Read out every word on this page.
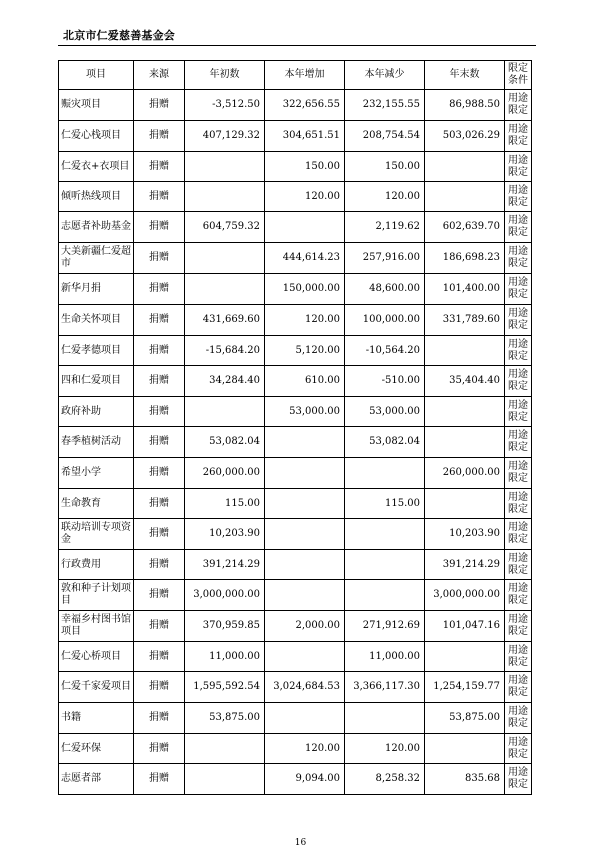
北京市仁爱慈善基金会
项目	来源	年初数	本年增加	本年减少	年末数	限定条件
赈灾项目	捐赠	-3,512.50	322,656.55	232,155.55	86,988.50	用途限定
仁爱心栈项目	捐赠	407,129.32	304,651.51	208,754.54	503,026.29	用途限定
仁爱衣+衣项目	捐赠		150.00	150.00		用途限定
倾听热线项目	捐赠		120.00	120.00		用途限定
志愿者补助基金	捐赠	604,759.32		2,119.62	602,639.70	用途限定
大美新疆仁爱超市	捐赠		444,614.23	257,916.00	186,698.23	用途限定
新华月捐	捐赠		150,000.00	48,600.00	101,400.00	用途限定
生命关怀项目	捐赠	431,669.60	120.00	100,000.00	331,789.60	用途限定
仁爱孝德项目	捐赠	-15,684.20	5,120.00	-10,564.20		用途限定
四和仁爱项目	捐赠	34,284.40	610.00	-510.00	35,404.40	用途限定
政府补助	捐赠		53,000.00	53,000.00		用途限定
春季植树活动	捐赠	53,082.04		53,082.04		用途限定
希望小学	捐赠	260,000.00			260,000.00	用途限定
生命教育	捐赠	115.00		115.00		用途限定
联动培训专项资金	捐赠	10,203.90			10,203.90	用途限定
行政费用	捐赠	391,214.29			391,214.29	用途限定
敦和种子计划项目	捐赠	3,000,000.00			3,000,000.00	用途限定
幸福乡村图书馆项目	捐赠	370,959.85	2,000.00	271,912.69	101,047.16	用途限定
仁爱心桥项目	捐赠	11,000.00		11,000.00		用途限定
仁爱千家爱项目	捐赠	1,595,592.54	3,024,684.53	3,366,117.30	1,254,159.77	用途限定
书籍	捐赠	53,875.00			53,875.00	用途限定
仁爱环保	捐赠		120.00	120.00		用途限定
志愿者部	捐赠		9,094.00	8,258.32	835.68	用途限定
16
